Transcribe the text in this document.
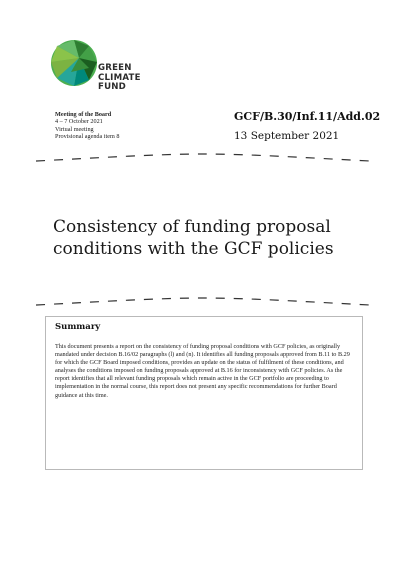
GREEN
CLIMATE
FUND
Meeting of the Board
4 – 7 October 2021
Virtual meeting
Provisional agenda item 8
GCF/B.30/Inf.11/Add.02
13 September 2021
Consistency of funding proposal
conditions with the GCF policies
Summary
This document presents a report on the consistency of funding proposal conditions with GCF policies, as originally mandated under decision B.16/02 paragraphs (l) and (n). It identifies all funding proposals approved from B.11 to B.29 for which the GCF Board imposed conditions, provides an update on the status of fulfilment of these conditions, and analyses the conditions imposed on funding proposals approved at B.16 for inconsistency with GCF policies. As the report identifies that all relevant funding proposals which remain active in the GCF portfolio are proceeding to implementation in the normal course, this report does not present any specific recommendations for further Board guidance at this time.
